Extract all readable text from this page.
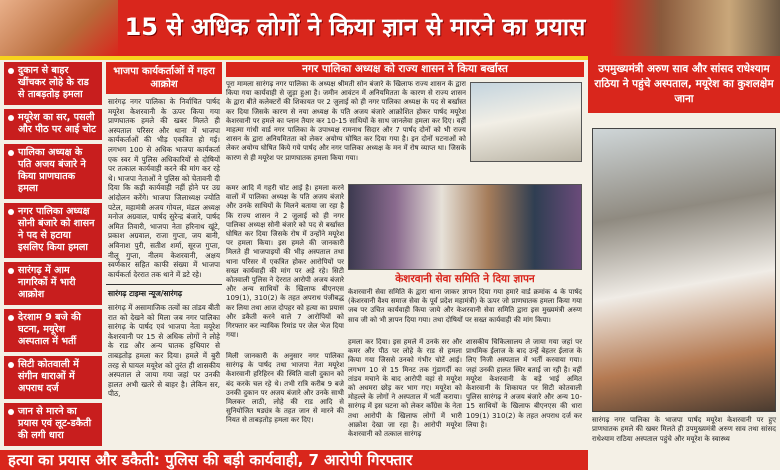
15 से अधिक लोगों ने किया ज्ञान से मारने का प्रयास
दुकान से बाहर खींचकर लोहे के राड से ताबड़तोड़ हमला
मयूरेश का सर, पसली और पीठ पर आई चोट
पालिका अध्यक्ष के पति अजय बंजारे ने किया प्राणघातक हमला
नगर पालिका अध्यक्ष सोनी बंजारे को शासन ने पद से हटाया इसलिए किया हमला
सारंगढ़ में आम नागरिकों में भारी आक्रोश
देरशाम 9 बजे की घटना, मयूरेश अस्पताल में भर्ती
सिटी कोतवाली में संगीन धाराओं में अपराध दर्ज
जान से मारने का प्रयास एवं लूट-डकैती की लगी धारा
भाजपा कार्यकर्ताओं में गहरा आक्रोश
सारंगढ़ नगर पालिका के निर्वाचित पार्षद मयूरेश केशरवानी के ऊपर किया गया प्राणघातक हमले की खबर मिलते ही अस्पताल परिसर और थाना में भाजपा कार्यकर्ताओं की भीड़ एकत्रित हो गई। लगभग 100 से अधिक भाजपा कार्यकर्ता एक स्वर में पुलिस अधिकारियों से दोषियों पर तत्काल कार्यवाही करने की मांग कर रहे थे। भाजपा नेताओं ने पुलिस को चेतावनी दी दिया कि कड़ी कार्यवाही नहीं होने पर उग्र आंदोलन करेंगे। भाजपा जिलाध्यक्ष ज्योति पटेल, महामंत्री अजय गोयल, मंडल अध्यक्ष मनोज अग्रवाल, पार्षद सुरेन्द्र बंजारे, पार्षद अमित तिवारी, भाजपा नेता हरिनाथ खूंटे, प्रकाश अग्रवाल, राजा गुप्ता, जय बानी, अविनाश पुरी, सतीश शर्मा, सूरज गुप्ता, नीलू गुप्ता, नीलम केशरवानी, अक्षय स्वर्णकार सहित काफी संख्या में भाजपा कार्यकर्ता देररात तक थाने में डटे रहे।
सारंगढ़ टाइम्स न्यूज/सारंगढ़
सारंगढ़ में असामाजिक तत्वों का तांडव बीती रात को देखने को मिला जब नगर पालिका सारंगढ़ के पार्षद एवं भाजपा नेता मयूरेश केशरवानी पर 15 से अधिक लोगों ने लोहे के राड और अन्य घातक हथियार से ताबड़तोड़ हमला कर दिया। हमले में बुरी तरह से घायल मयूरेश को तुरंत ही शासकीय अस्पताल ले जाया गया जहां पर उनकी हालत अभी खतरे से बाहर है। लेकिन सर, पीठ,
नगर पालिका अध्यक्ष को राज्य शासन ने किया बर्खास्त
पूरा मामला सारंगढ़ नगर पालिका के अध्यक्ष श्रीमती सोन बंजारे के खिलाफ राज्य शासन के द्वारा किया गया कार्यवाही से जुड़ा हुआ है। जमीन आवंटन में अनियमितता के कारण से राज्य शासन के द्वारा बीते कलेक्टरों की शिकायत पर 2 जुलाई को ही नगर पालिका अध्यक्ष के पद से बर्खास्त कर दिया जिसके कारण से नया अध्यक्ष के पति अजय बंजारे आक्रोशित होकर पार्षद मयूरेश केशरवानी पर हमले का प्लान तैयार कर 10-15 साथियों के साथ जानलेवा हमला कर दिए। वहीं माहत्मा गांधी वार्ड नगर पालिका के उपाध्यक्ष रामनाथ सिदार और 7 पार्षद दोनों को भी राज्य शासन के द्वारा अनियमितता को लेकर अयोग्य घोषित कर दिया गया है। इन दोनों घटनाओं को लेकर अयोग्य घोषित किये गये पार्षद और नगर पालिका अध्यक्ष के मन में रोष व्याप्त था। जिसके कारण से ही मयूरेश पर प्राणघातक हमला किया गया।
कमर आदि में गहरी चोट आई है। हमला करने वालों में पालिका अध्यक्ष के पति अजय बंजारे और उनके साथियों के मिलने बताया जा रहा है कि राज्य शासन ने 2 जुलाई को ही नगर पालिका अध्यक्ष सोनी बंजारे को पद से बर्खास्त घोषित कर दिया जिसके रोष में उन्होंने मयूरेश पर हमला किया। इस हमले की जानकारी मिलते ही भाजपाइयों की भीड़ अस्पताल तथा थाना परिसर में एकत्रित होकर आरोपियों पर सख्त कार्यवाही की मांग पर अड़े रहे। सिटी कोतवाली पुलिस ने देररात आरोपी अजय बंजारे और अन्य साथियों के खिलाफ बीएनएस 109(1), 310(2) के तहत अपराध पंजीबद्ध कर लिया तथा आज दोपहर को हत्या का प्रयास और डकैती करने वाले 7 आरोपियों को गिरफ्तार कर न्यायिक रिमांड पर जेल भेज दिया गया।
केशरवानी सेवा समिति ने दिया ज्ञापन
केशरवानी सेवा समिति के द्वारा थाना जाकर ज्ञापन दिया गया हमारे वार्ड क्रमांक 4 के पार्षद (केशरवानी वैश्य समाज सेवा के पूर्व प्रदेश महामंत्री) के ऊपर जो प्राणघातक हमला किया गया जब पर उचित कार्यवाही किया जाये और केशरवानी सेवा समिति द्वारा इस मुख्यमंत्री अरुण साव जी को भी ज्ञापन दिया गया। तथा दोषियों पर सख्त कार्यवाही की मांग किया।
मिली जानकारी के अनुसार नगर पालिका सारंगढ़ के पार्षद तथा भाजपा नेता मयूरेश केशरवानी हरिहिरन की स्थिति वाली दुकान को बंद करके चल रहे थे। तभी रात्रि करीब 9 बजे उनकी दुकान पर अजय बंजारे और उनके साथी मिलकर लाठी, लोहे की राड आदि से सुनियोजित षड्यंत्र के तहत जान से मारने की नियत से ताबड़तोड़ हमला कर दिए।
हमला कर दिया। इस हमले में उनके सर और कमर और पीठ पर लोहे के राड से हमला किया गया जिससे उनको गंभीर चोटें आई। लगभग 10 से 15 मिनट तक गुंडागर्दी का तांडव मचाने के बाद आरोपी वहां से मयूरेश को अधमरा छोड़ कर भाग गए। मयूरेश को मोहल्ले के लोगों ने अस्पताल में भर्ती कराया। सारंगढ़ में इस घटना को लेकर कॉंग्रेस के नेता तथा आरोपी के खिलाफ लोगों में भारी आक्रोश देखा जा रहा है। आरोपी मयूरेश केशरवानी को तत्काल सारंगढ़
शासकीय चिकित्सालय ले जाया गया जहां पर प्राथमिक ईलाज के बाद उन्हें बेहतर ईलाज के लिए निजी अस्पताल में भर्ती करवाया गया। जहां उनकी हालत स्थिर बताई जा रही है। वहीं मयूरेश केशरवानी के बड़े भाई अमित केशरवानी के शिकायत पर सिटी कोतवाली पुलिस सारंगढ़ ने अजय बंजारे और अन्य 10-15 साथियों के खिलाफ बीएनएस की धारा 109(1) 310(2) के तहत अपराध दर्ज कर लिया है।
उपमुख्यमंत्री अरुण साव और सांसद राधेश्याम राठिया ने पहुंचे अस्पताल, मयूरेश का कुशलक्षेम जाना
सारंगढ़ नगर पालिका के भाजपा पार्षद मयूरेश केशरवानी पर हुए प्राणघातक हमले की खबर मिलते ही उपमुख्यमंत्री अरुण साव तथा सांसद राधेश्याम राठिया अस्पताल पहुंचे और मयूरेश के स्वास्थ्य
हत्या का प्रयास और डकैती: पुलिस की बड़ी कार्यवाही, 7 आरोपी गिरफ्तार
